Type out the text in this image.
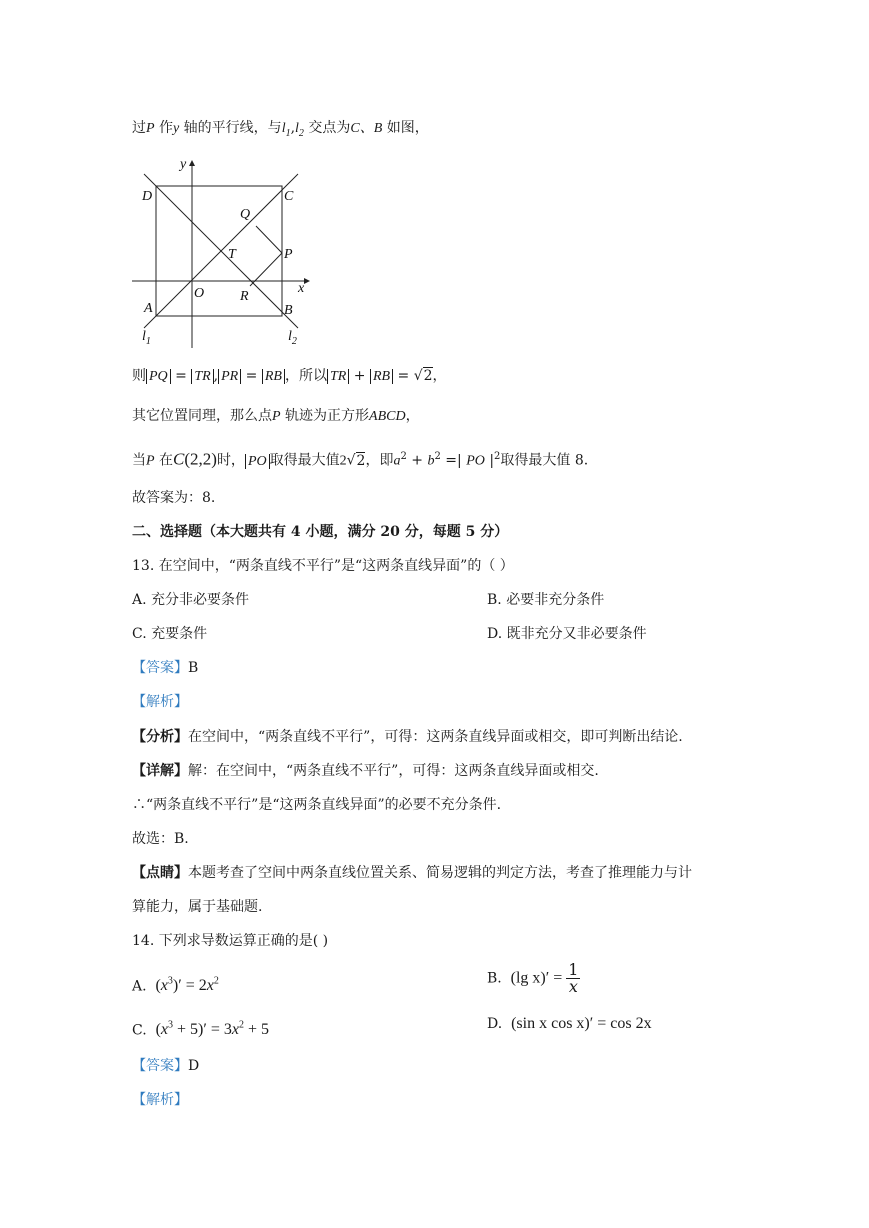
过P 作y 轴的平行线，与$l_1,l_2$ 交点为C、B 如图，
y
x
D	C
Q
T	P
O	R
A	B
$l_1$	$l_2$
则 PQ = TR , PR = RB ，所以 TR + RB = √2，
其它位置同理，那么点P 轨迹为正方形ABCD，
当P 在C(2,2)时， PO 取得最大值2√2，即$a^2 + b^2$ =| PO $|^2$取得最大值 8.
故答案为：8.
二、选择题（本大题共有 4 小题，满分 20 分，每题 5 分）
13. 在空间中，“两条直线不平行”是“这两条直线异面”的（ ）
A. 充分非必要条件	B. 必要非充分条件
C. 充要条件	D. 既非充分又非必要条件
【答案】B
【解析】
【分析】在空间中，“两条直线不平行”，可得：这两条直线异面或相交，即可判断出结论.
【详解】解：在空间中，“两条直线不平行”，可得：这两条直线异面或相交.
∴“两条直线不平行”是“这两条直线异面”的必要不充分条件.
故选：B.
【点睛】本题考查了空间中两条直线位置关系、简易逻辑的判定方法，考查了推理能力与计
算能力，属于基础题.
14. 下列求导数运算正确的是( )
A. $(x^3)' = 2x^2$	B. (lg $x)' = \frac{1}{x}$
C. $(x^3 + 5)' = 3x^2 + 5$	D. (sin x cos x)′ = cos 2x
【答案】D
【解析】
